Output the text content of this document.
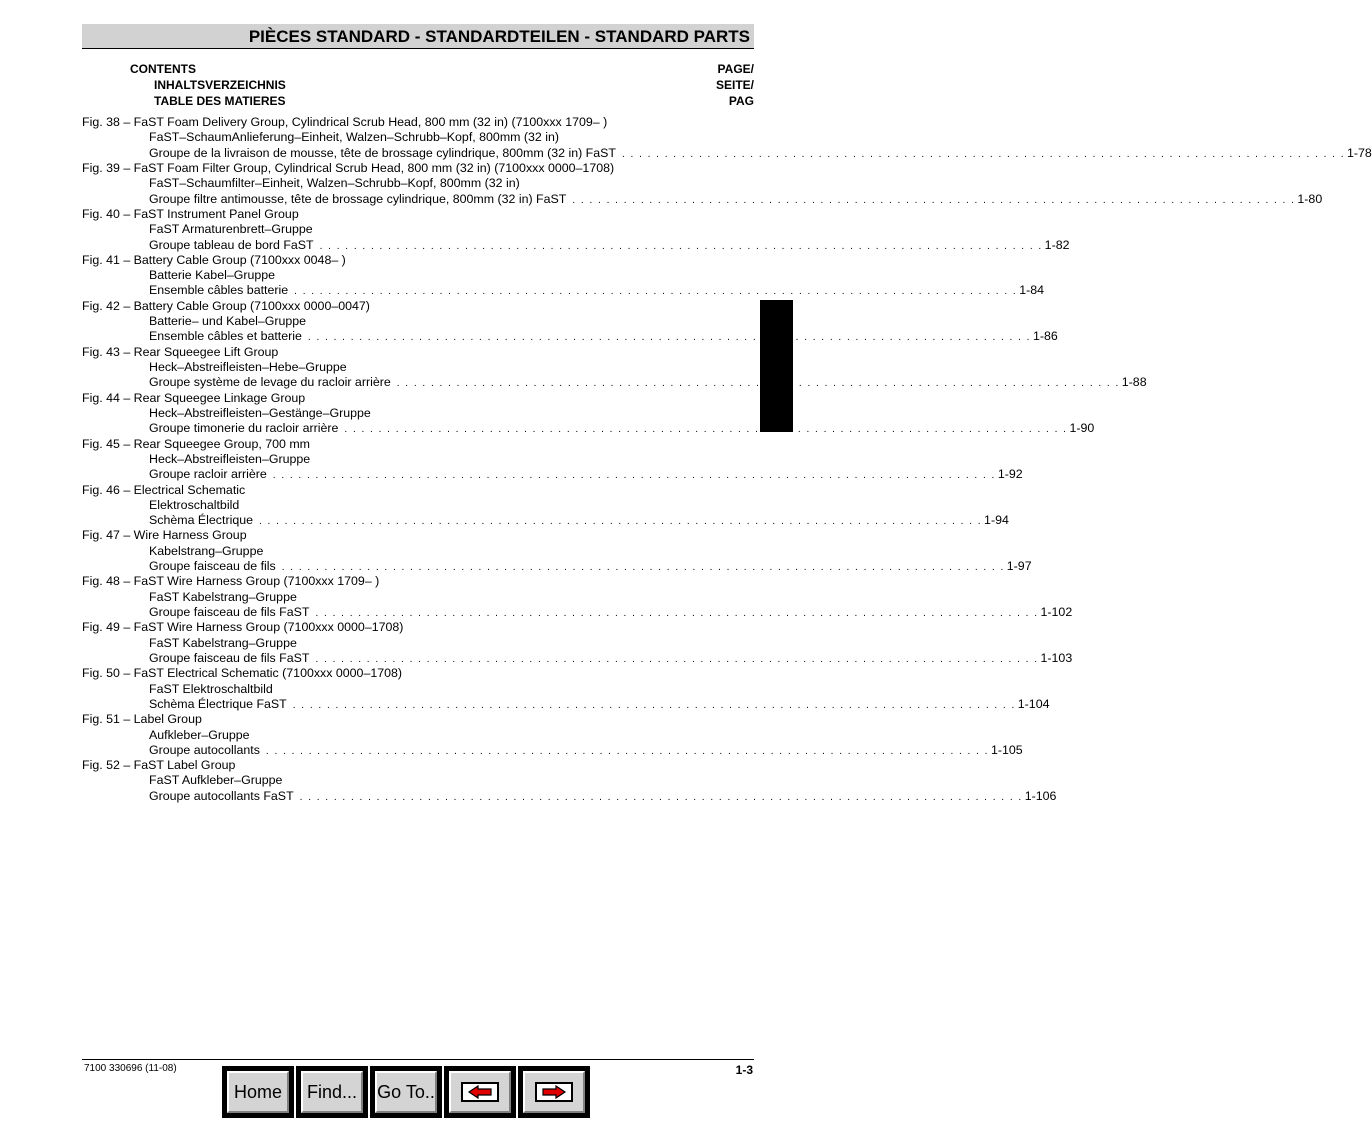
PIÈCES STANDARD - STANDARDTEILEN - STANDARD PARTS
CONTENTS
INHALTSVERZEICHNIS
TABLE DES MATIERES
PAGE/
SEITE/
PAG
Fig. 38 – FaST Foam Delivery Group, Cylindrical Scrub Head, 800 mm (32 in) (7100xxx 1709– )
FaST–SchaumAnlieferung–Einheit, Walzen–Schrubb–Kopf, 800mm (32 in)
Groupe de la livraison de mousse, tête de brossage cylindrique, 800mm (32 in) FaST . . . . . . . . . . . . . . . . . . . . . . . . . . . . . . . . . . . . . . . . . . . . . . . . . . . . . . . . . . . . . . . . . . . . . . . . . . . . . . . . . . . . . 1-78
Fig. 39 – FaST Foam Filter Group, Cylindrical Scrub Head, 800 mm (32 in) (7100xxx 0000–1708)
FaST–Schaumfilter–Einheit, Walzen–Schrubb–Kopf, 800mm (32 in)
Groupe filtre antimousse, tête de brossage cylindrique, 800mm (32 in) FaST . . . . . . . . . . . . . . . . . . . . . . . . . . . . . . . . . . . . . . . . . . . . . . . . . . . . . . . . . . . . . . . . . . . . . . . . . . . . . . . . . . . . . 1-80
Fig. 40 – FaST Instrument Panel Group
FaST Armaturenbrett–Gruppe
Groupe tableau de bord FaST . . . . . . . . . . . . . . . . . . . . . . . . . . . . . . . . . . . . . . . . . . . . . . . . . . . . . . . . . . . . . . . . . . . . . . . . . . . . . . . . . . . . . 1-82
Fig. 41 – Battery Cable Group (7100xxx 0048– )
Batterie Kabel–Gruppe
Ensemble câbles batterie . . . . . . . . . . . . . . . . . . . . . . . . . . . . . . . . . . . . . . . . . . . . . . . . . . . . . . . . . . . . . . . . . . . . . . . . . . . . . . . . . . . . . 1-84
Fig. 42 – Battery Cable Group (7100xxx 0000–0047)
Batterie– und Kabel–Gruppe
Ensemble câbles et batterie . . . . . . . . . . . . . . . . . . . . . . . . . . . . . . . . . . . . . . . . . . . . . . . . . . . . . . . . . . . . . . . . . . . . . . . . . . . . . . . . . . . . . 1-86
Fig. 43 – Rear Squeegee Lift Group
Heck–Abstreifleisten–Hebe–Gruppe
Groupe système de levage du racloir arrière . . . . . . . . . . . . . . . . . . . . . . . . . . . . . . . . . . . . . . . . . . . . . . . . . . . . . . . . . . . . . . . . . . . . . . . . . . . . . . . . . . . . . 1-88
Fig. 44 – Rear Squeegee Linkage Group
Heck–Abstreifleisten–Gestänge–Gruppe
Groupe timonerie du racloir arrière . . . . . . . . . . . . . . . . . . . . . . . . . . . . . . . . . . . . . . . . . . . . . . . . . . . . . . . . . . . . . . . . . . . . . . . . . . . . . . . . . . . . . 1-90
Fig. 45 – Rear Squeegee Group, 700 mm
Heck–Abstreifleisten–Gruppe
Groupe racloir arrière . . . . . . . . . . . . . . . . . . . . . . . . . . . . . . . . . . . . . . . . . . . . . . . . . . . . . . . . . . . . . . . . . . . . . . . . . . . . . . . . . . . . . 1-92
Fig. 46 – Electrical Schematic
Elektroschaltbild
Schèma Électrique . . . . . . . . . . . . . . . . . . . . . . . . . . . . . . . . . . . . . . . . . . . . . . . . . . . . . . . . . . . . . . . . . . . . . . . . . . . . . . . . . . . . . 1-94
Fig. 47 – Wire Harness Group
Kabelstrang–Gruppe
Groupe faisceau de fils . . . . . . . . . . . . . . . . . . . . . . . . . . . . . . . . . . . . . . . . . . . . . . . . . . . . . . . . . . . . . . . . . . . . . . . . . . . . . . . . . . . . . 1-97
Fig. 48 – FaST Wire Harness Group (7100xxx 1709– )
FaST Kabelstrang–Gruppe
Groupe faisceau de fils FaST . . . . . . . . . . . . . . . . . . . . . . . . . . . . . . . . . . . . . . . . . . . . . . . . . . . . . . . . . . . . . . . . . . . . . . . . . . . . . . . . . . . . . 1-102
Fig. 49 – FaST Wire Harness Group (7100xxx 0000–1708)
FaST Kabelstrang–Gruppe
Groupe faisceau de fils FaST . . . . . . . . . . . . . . . . . . . . . . . . . . . . . . . . . . . . . . . . . . . . . . . . . . . . . . . . . . . . . . . . . . . . . . . . . . . . . . . . . . . . . 1-103
Fig. 50 – FaST Electrical Schematic (7100xxx 0000–1708)
FaST Elektroschaltbild
Schèma Électrique FaST . . . . . . . . . . . . . . . . . . . . . . . . . . . . . . . . . . . . . . . . . . . . . . . . . . . . . . . . . . . . . . . . . . . . . . . . . . . . . . . . . . . . . 1-104
Fig. 51 – Label Group
Aufkleber–Gruppe
Groupe autocollants . . . . . . . . . . . . . . . . . . . . . . . . . . . . . . . . . . . . . . . . . . . . . . . . . . . . . . . . . . . . . . . . . . . . . . . . . . . . . . . . . . . . . 1-105
Fig. 52 – FaST Label Group
FaST Aufkleber–Gruppe
Groupe autocollants FaST . . . . . . . . . . . . . . . . . . . . . . . . . . . . . . . . . . . . . . . . . . . . . . . . . . . . . . . . . . . . . . . . . . . . . . . . . . . . . . . . . . . . . 1-106
7100 330696 (11-08)	1-3
Home	Find...	Go To..
